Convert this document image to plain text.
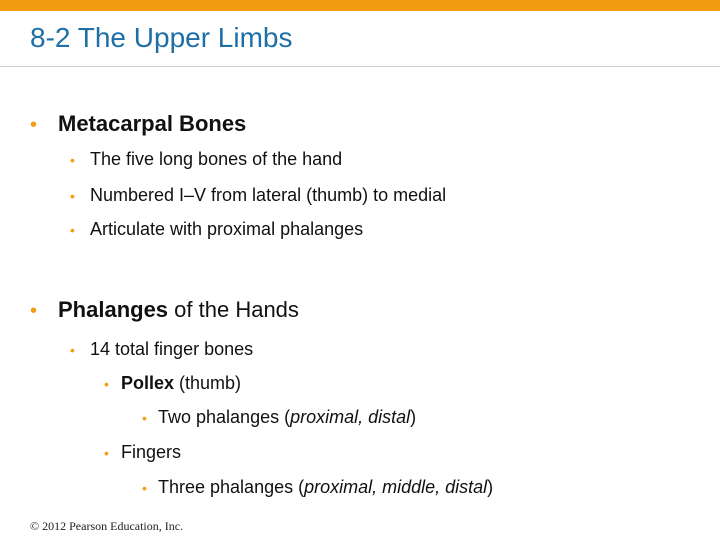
8-2 The Upper Limbs
• Metacarpal Bones
• The five long bones of the hand
• Numbered I–V from lateral (thumb) to medial
• Articulate with proximal phalanges
• Phalanges of the Hands
• 14 total finger bones
• Pollex (thumb)
• Two phalanges (proximal, distal)
• Fingers
• Three phalanges (proximal, middle, distal)
© 2012 Pearson Education, Inc.
